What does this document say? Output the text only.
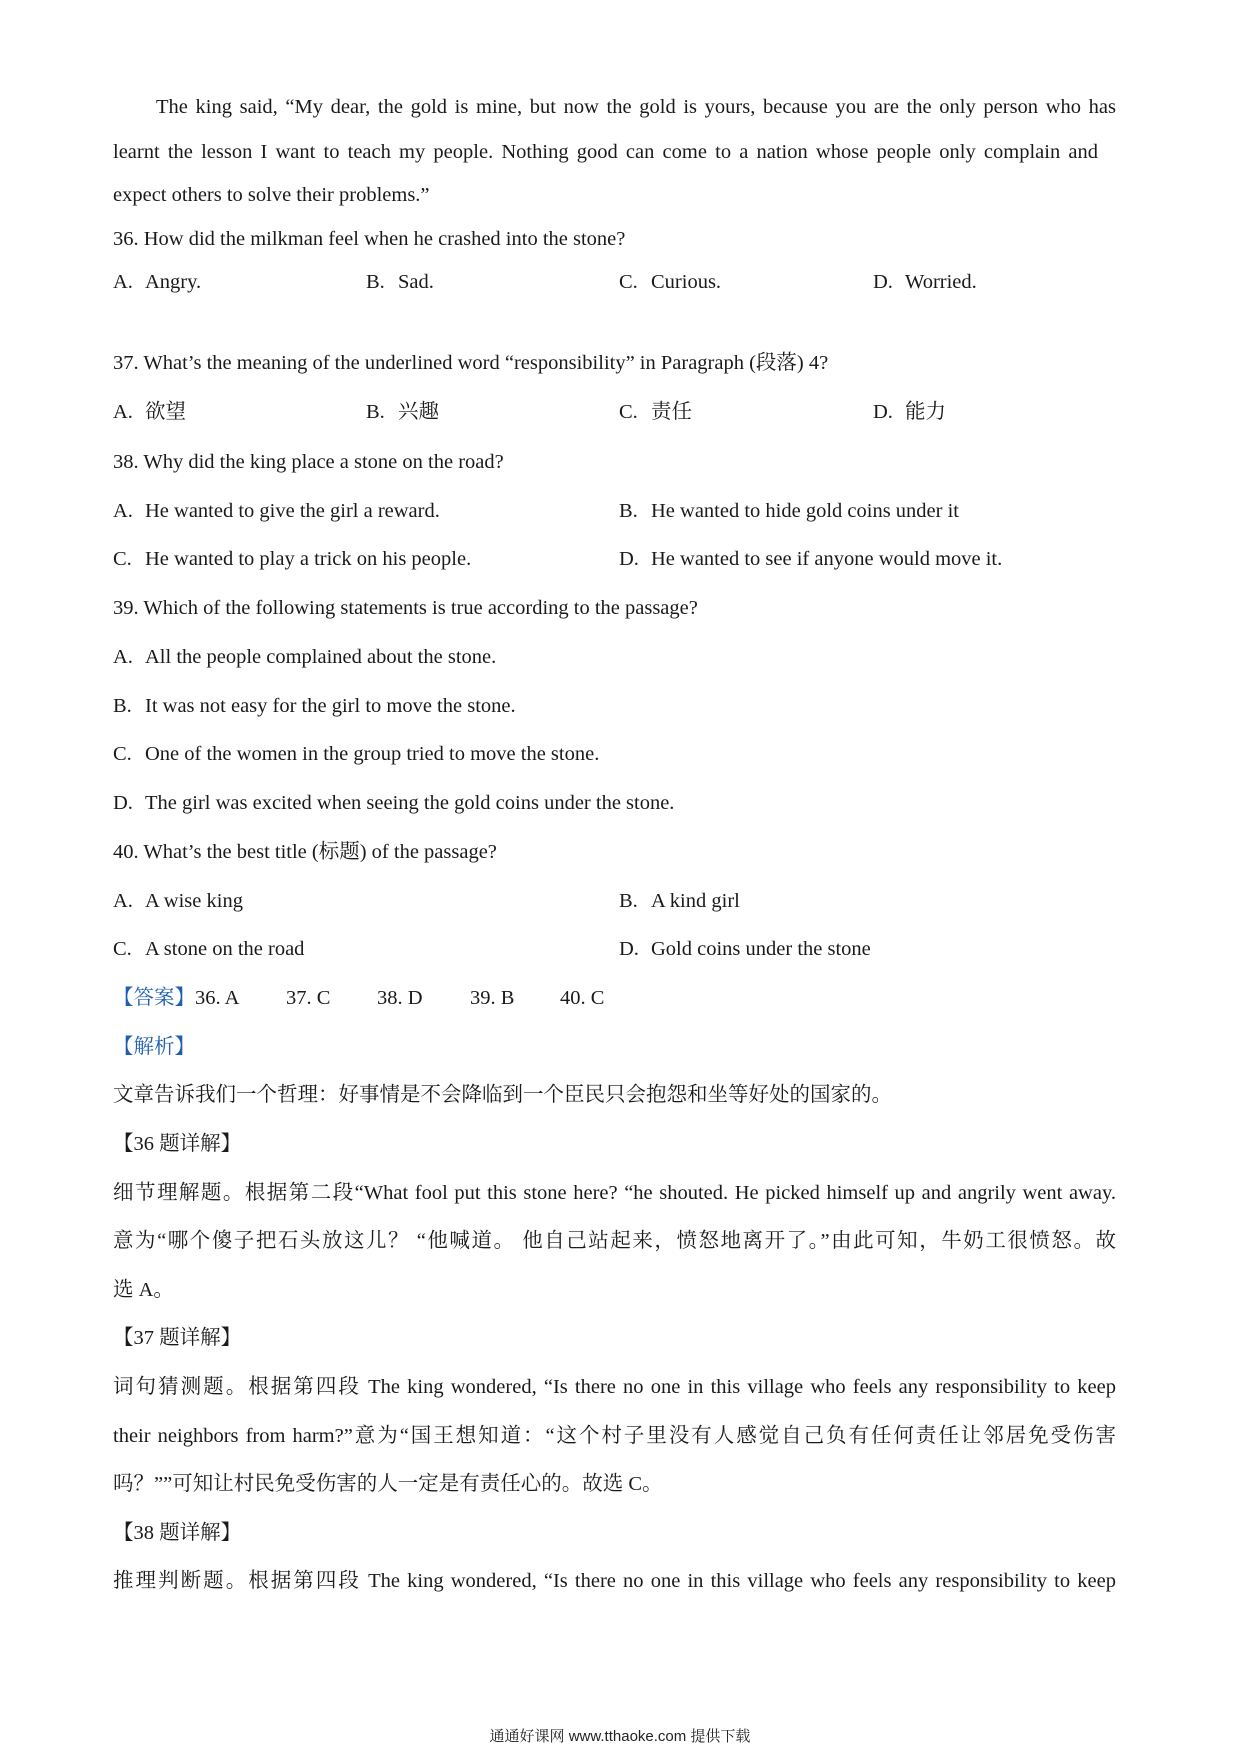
The king said, “My dear, the gold is mine, but now the gold is yours, because you are the only person who has
learnt the lesson I want to teach my people. Nothing good can come to a nation whose people only complain and
expect others to solve their problems.”
36. How did the milkman feel when he crashed into the stone?
A. Angry.	B. Sad.	C. Curious.	D. Worried.
37. What’s the meaning of the underlined word “responsibility” in Paragraph (段落) 4?
A. 欲望	B. 兴趣	C. 责任	D. 能力
38. Why did the king place a stone on the road?
A. He wanted to give the girl a reward.	B. He wanted to hide gold coins under it
C. He wanted to play a trick on his people.	D. He wanted to see if anyone would move it.
39. Which of the following statements is true according to the passage?
A. All the people complained about the stone.
B. It was not easy for the girl to move the stone.
C. One of the women in the group tried to move the stone.
D. The girl was excited when seeing the gold coins under the stone.
40. What’s the best title (标题) of the passage?
A. A wise king	B. A kind girl
C. A stone on the road	D. Gold coins under the stone
【答案】36. A 37. C 38. D 39. B 40. C
【解析】
文章告诉我们一个哲理：好事情是不会降临到一个臣民只会抱怨和坐等好处的国家的。
【36 题详解】
细节理解题。根据第二段“What fool put this stone here? “he shouted. He picked himself up and angrily went away.
意为“哪个傻子把石头放这儿？ “他喊道。 他自己站起来，愤怒地离开了。”由此可知，牛奶工很愤怒。故
选 A。
【37 题详解】
词句猜测题。根据第四段 The king wondered, “Is there no one in this village who feels any responsibility to keep
their neighbors from harm?”意为“国王想知道：“这个村子里没有人感觉自己负有任何责任让邻居免受伤害
吗？””可知让村民免受伤害的人一定是有责任心的。故选 C。
【38 题详解】
推理判断题。根据第四段 The king wondered, “Is there no one in this village who feels any responsibility to keep
通通好课网 www.tthaoke.com 提供下载
